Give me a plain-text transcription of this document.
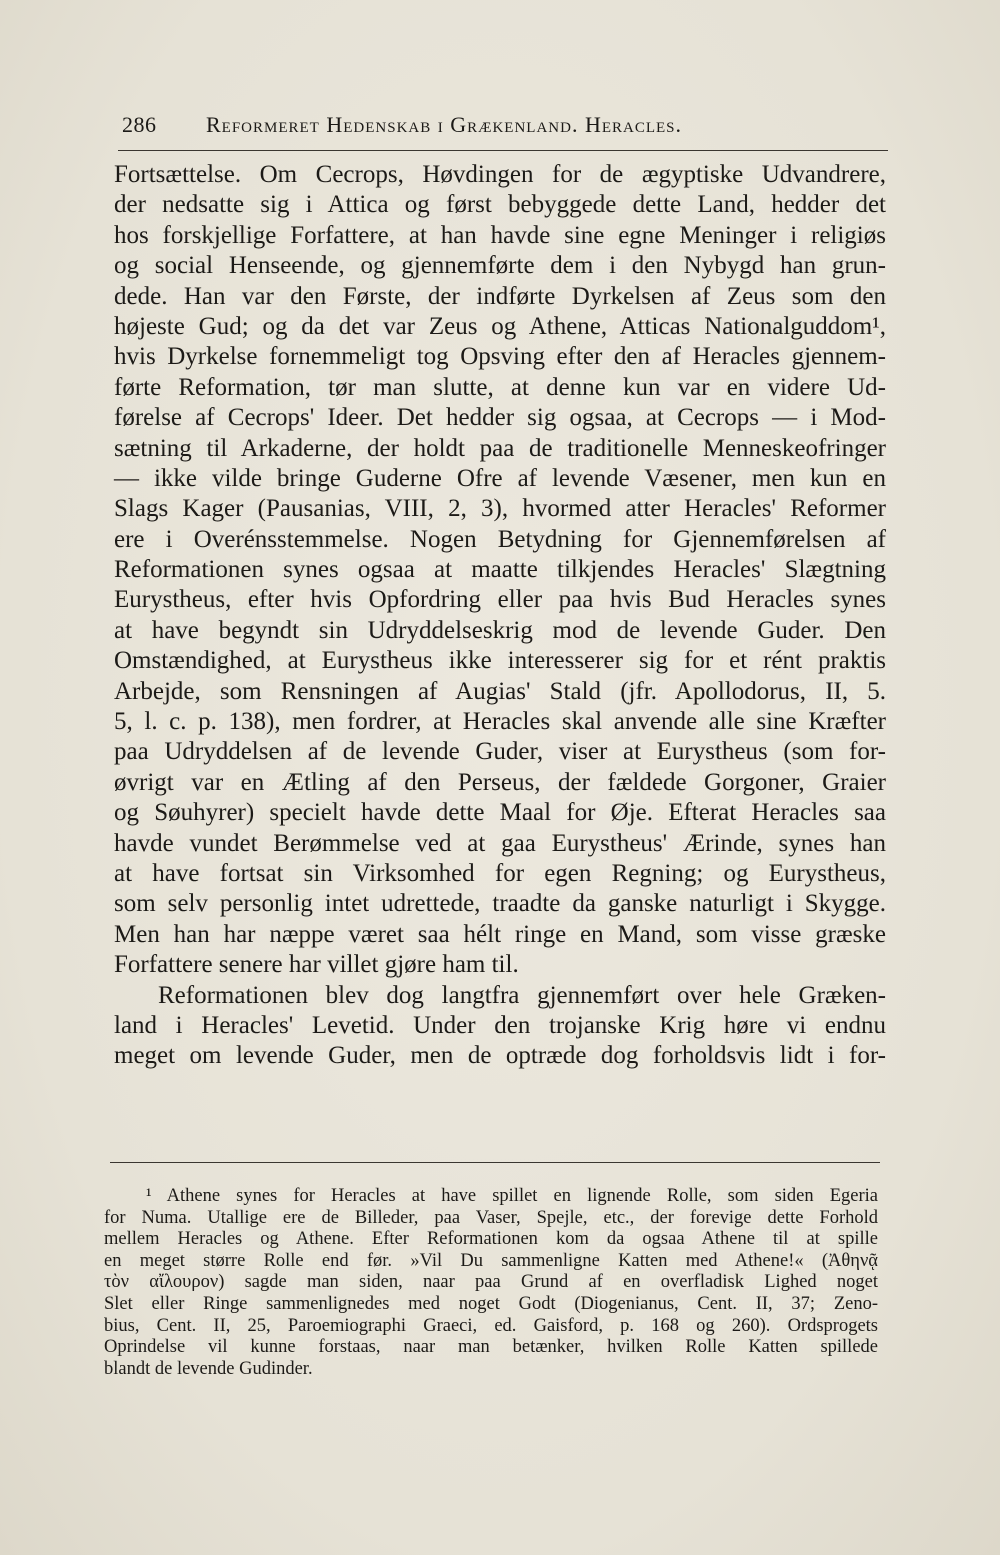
286 Reformeret Hedenskab i Grækenland. Heracles.
Fortsættelse. Om Cecrops, Høvdingen for de ægyptiske Udvandrere,
der nedsatte sig i Attica og først bebyggede dette Land, hedder det
hos forskjellige Forfattere, at han havde sine egne Meninger i religiøs
og social Henseende, og gjennemførte dem i den Nybygd han grun-
dede. Han var den Første, der indførte Dyrkelsen af Zeus som den
højeste Gud; og da det var Zeus og Athene, Atticas Nationalguddom¹,
hvis Dyrkelse fornemmeligt tog Opsving efter den af Heracles gjennem-
førte Reformation, tør man slutte, at denne kun var en videre Ud-
førelse af Cecrops' Ideer. Det hedder sig ogsaa, at Cecrops — i Mod-
sætning til Arkaderne, der holdt paa de traditionelle Menneskeofringer
— ikke vilde bringe Guderne Ofre af levende Væsener, men kun en
Slags Kager (Pausanias, VIII, 2, 3), hvormed atter Heracles' Reformer
ere i Overénsstemmelse. Nogen Betydning for Gjennemførelsen af
Reformationen synes ogsaa at maatte tilkjendes Heracles' Slægtning
Eurystheus, efter hvis Opfordring eller paa hvis Bud Heracles synes
at have begyndt sin Udryddelseskrig mod de levende Guder. Den
Omstændighed, at Eurystheus ikke interesserer sig for et rént praktis
Arbejde, som Rensningen af Augias' Stald (jfr. Apollodorus, II, 5.
5, l. c. p. 138), men fordrer, at Heracles skal anvende alle sine Kræfter
paa Udryddelsen af de levende Guder, viser at Eurystheus (som for-
øvrigt var en Ætling af den Perseus, der fældede Gorgoner, Graier
og Søuhyrer) specielt havde dette Maal for Øje. Efterat Heracles saa
havde vundet Berømmelse ved at gaa Eurystheus' Ærinde, synes han
at have fortsat sin Virksomhed for egen Regning; og Eurystheus,
som selv personlig intet udrettede, traadte da ganske naturligt i Skygge.
Men han har næppe været saa hélt ringe en Mand, som visse græske
Forfattere senere har villet gjøre ham til.
Reformationen blev dog langtfra gjennemført over hele Græken-
land i Heracles' Levetid. Under den trojanske Krig høre vi endnu
meget om levende Guder, men de optræde dog forholdsvis lidt i for-
¹ Athene synes for Heracles at have spillet en lignende Rolle, som siden Egeria
for Numa. Utallige ere de Billeder, paa Vaser, Spejle, etc., der forevige dette Forhold
mellem Heracles og Athene. Efter Reformationen kom da ogsaa Athene til at spille
en meget større Rolle end før. »Vil Du sammenligne Katten med Athene!« (Ἀθηνᾷ
τὸν αἴλουρον) sagde man siden, naar paa Grund af en overfladisk Lighed noget
Slet eller Ringe sammenlignedes med noget Godt (Diogenianus, Cent. II, 37; Zeno-
bius, Cent. II, 25, Paroemiographi Graeci, ed. Gaisford, p. 168 og 260). Ordsprogets
Oprindelse vil kunne forstaas, naar man betænker, hvilken Rolle Katten spillede
blandt de levende Gudinder.
